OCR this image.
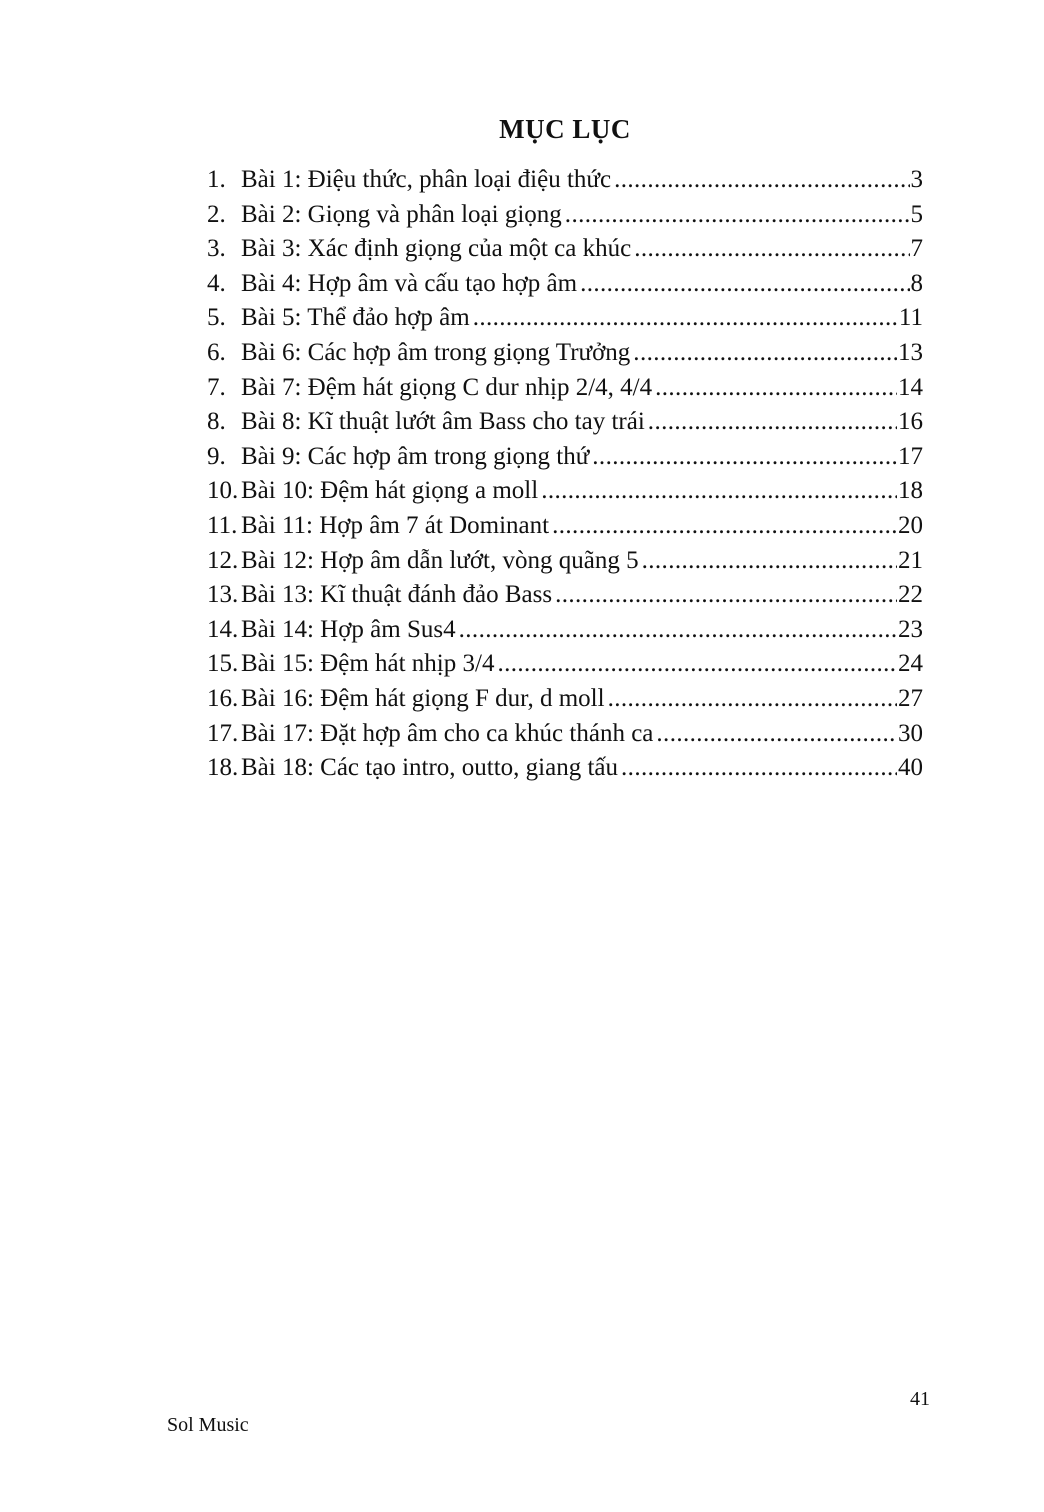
MỤC LỤC
1. Bài 1: Điệu thức, phân loại điệu thức .....	3
2. Bài 2: Giọng và phân loại giọng .....	5
3. Bài 3: Xác định giọng của một ca khúc .....	7
4. Bài 4: Hợp âm và cấu tạo hợp âm .....	8
5. Bài 5: Thể đảo hợp âm .....	11
6. Bài 6: Các hợp âm trong giọng Trưởng .....	13
7. Bài 7: Đệm hát giọng C dur nhịp 2/4, 4/4 .....	14
8. Bài 8: Kĩ thuật lướt âm Bass cho tay trái .....	16
9. Bài 9: Các hợp âm trong giọng thứ .....	17
10. Bài 10: Đệm hát giọng a moll .....	18
11. Bài 11: Hợp âm 7 át Dominant .....	20
12. Bài 12: Hợp âm dẫn lướt, vòng quãng 5 .....	21
13. Bài 13: Kĩ thuật đánh đảo Bass .....	22
14. Bài 14: Hợp âm Sus4 .....	23
15. Bài 15: Đệm hát nhịp 3/4 .....	24
16. Bài 16: Đệm hát giọng F dur, d moll .....	27
17. Bài 17: Đặt hợp âm cho ca khúc thánh ca .....	30
18. Bài 18: Các tạo intro, outto, giang tấu .....	40
41
Sol Music
